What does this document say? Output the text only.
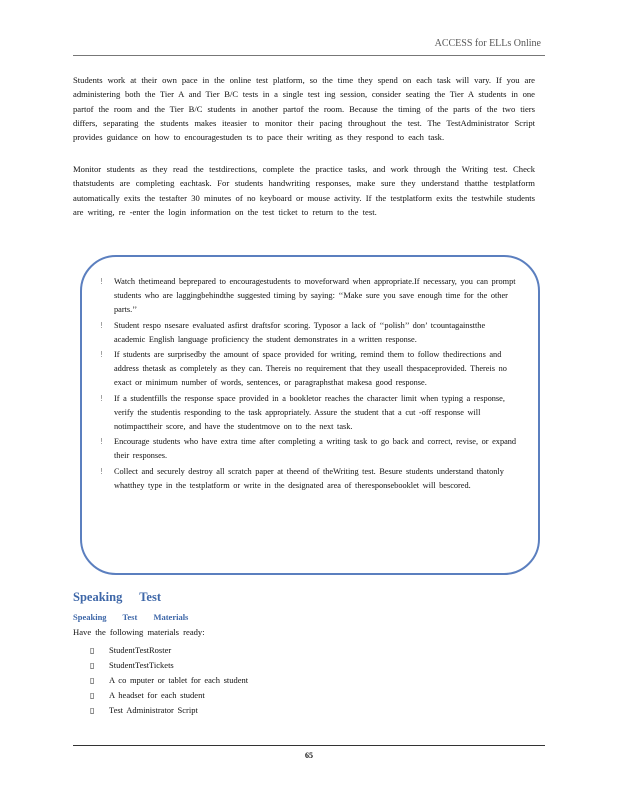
ACCESS for ELLs Online

Students work at their own pace in the online test platform, so the time they spend on each task will vary. If you are administering both the Tier A and Tier B/C tests in a single test ing session, consider seating the Tier A students in one partof the room and the Tier B/C students in another partof the room. Because the timing of the parts of the two tiers differs, separating the students makes iteasier to monitor their pacing throughout the test. The TestAdministrator Script provides guidance on how to encouragestuden ts to pace their writing as they respond to each task.

Monitor students as they read the testdirections, complete the practice tasks, and work through the Writing test. Check thatstudents are completing eachtask. For students handwriting responses, make sure they understand thatthe testplatform automatically exits the testafter 30 minutes of no keyboard or mouse activity. If the testplatform exits the testwhile students are writing, re -enter the login information on the test ticket to return to the test.

! Watch thetimeand beprepared to encouragestudents to moveforward when appropriate.If necessary, you can prompt students who are laggingbehindthe suggested timing by saying: ‘‘Make sure you save enough time for the other parts.’’
! Student respo nsesare evaluated asfirst draftsfor scoring. Typosor a lack of ‘‘polish’’ don’ tcountagainstthe academic English language proficiency the student demonstrates in a written response.
! If students are surprisedby the amount of space provided for writing, remind them to follow thedirections and address thetask as completely as they can. Thereis no requirement that they useall thespaceprovided. Thereis no exact or minimum number of words, sentences, or paragraphsthat makesa good response.
! If a studentfills the response space provided in a bookletor reaches the character limit when typing a response, verify the studentis responding to the task appropriately. Assure the student that a cut -off response will notimpacttheir score, and have the studentmove on to the next task.
! Encourage students who have extra time after completing a writing task to go back and correct, revise, or expand their responses.
! Collect and securely destroy all scratch paper at theend of theWriting test. Besure students understand thatonly whatthey type in the testplatform or write in the designated area of theresponsebooklet will bescored.
Speaking Test
Speaking Test Materials

Have the following materials ready:

▯ StudentTestRoster
▯ StudentTestTickets
▯ A co mputer or tablet for each student
▯ A headset for each student
▯ Test Administrator Script
65
